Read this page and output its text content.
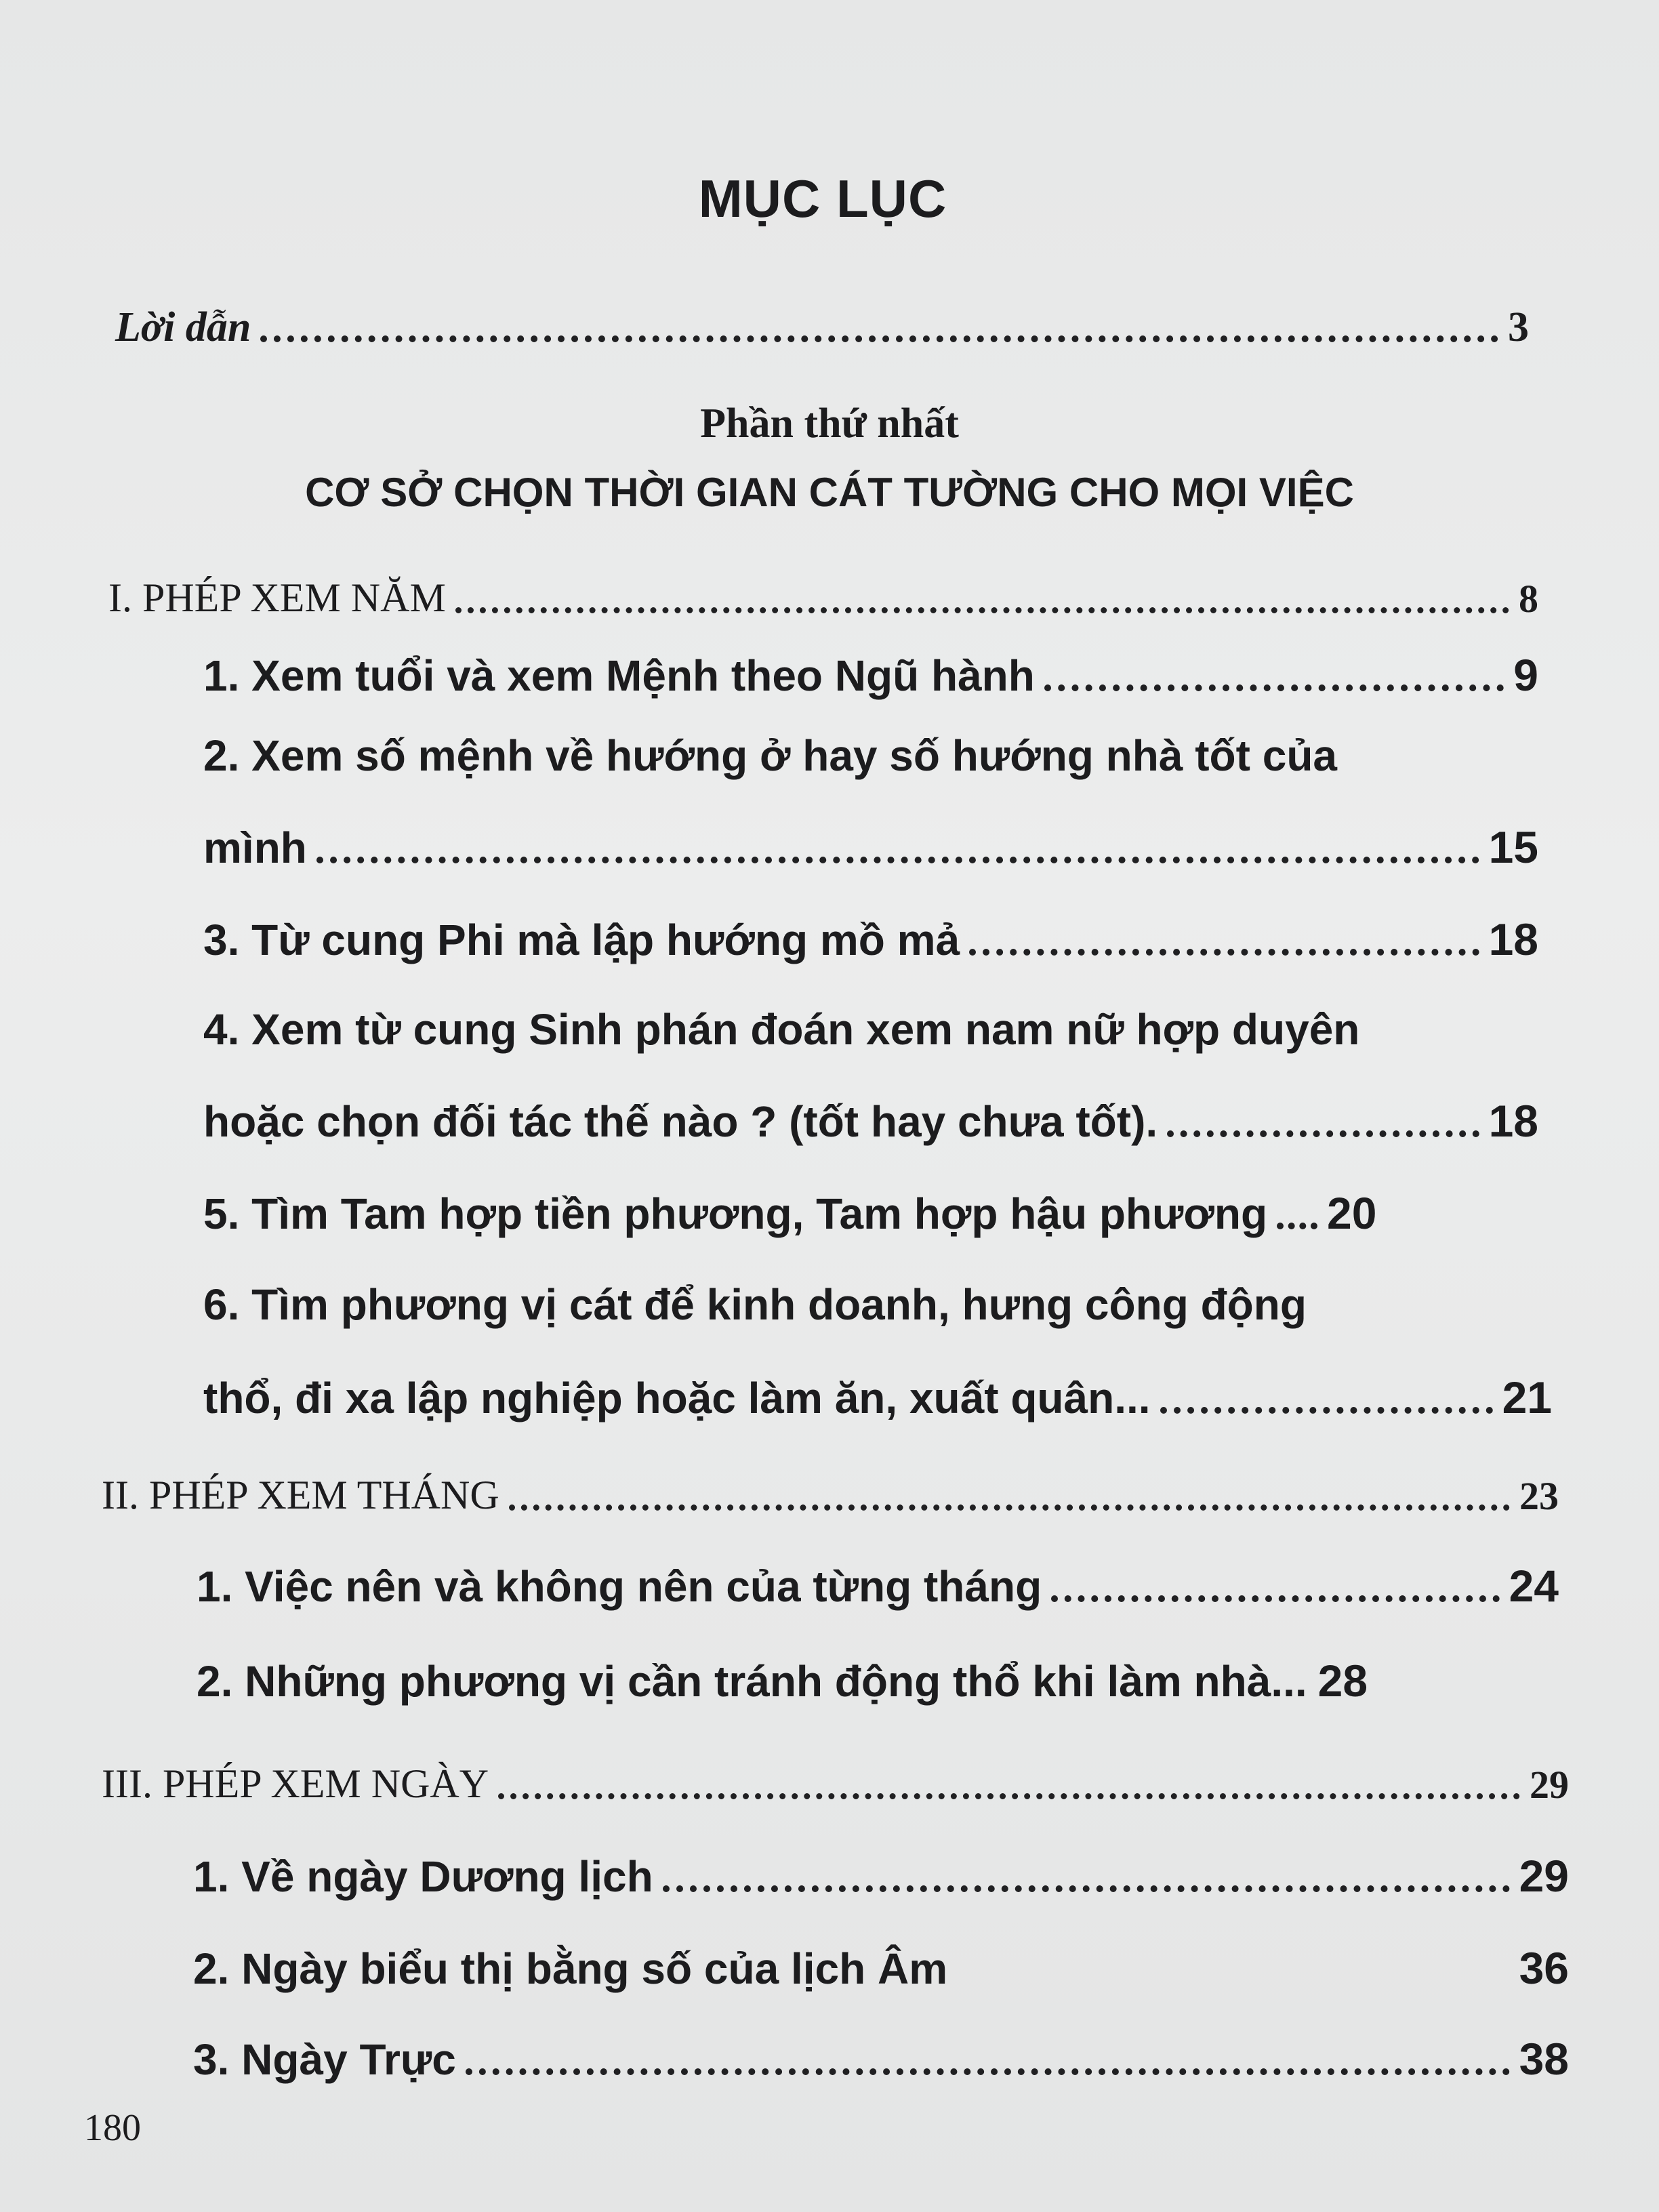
MỤC LỤC
Lời dẫn	3
Phần thứ nhất
CƠ SỞ CHỌN THỜI GIAN CÁT TƯỜNG CHO MỌI VIỆC
I. PHÉP XEM NĂM	8
1. Xem tuổi và xem Mệnh theo Ngũ hành	9
2. Xem số mệnh về hướng ở hay số hướng nhà tốt của
mình	15
3. Từ cung Phi mà lập hướng mồ mả	18
4. Xem từ cung Sinh phán đoán xem nam nữ hợp duyên
hoặc chọn đối tác thế nào ? (tốt hay chưa tốt).	18
5. Tìm Tam hợp tiền phương, Tam hợp hậu phương 20
6. Tìm phương vị cát để kinh doanh, hưng công động
thổ, đi xa lập nghiệp hoặc làm ăn, xuất quân...	21
II. PHÉP XEM THÁNG	23
1. Việc nên và không nên của từng tháng	24
2. Những phương vị cần tránh động thổ khi làm nhà... 28
III. PHÉP XEM NGÀY	29
1. Về ngày Dương lịch	29
2. Ngày biểu thị bằng số của lịch Âm	36
3. Ngày Trực	38
180
